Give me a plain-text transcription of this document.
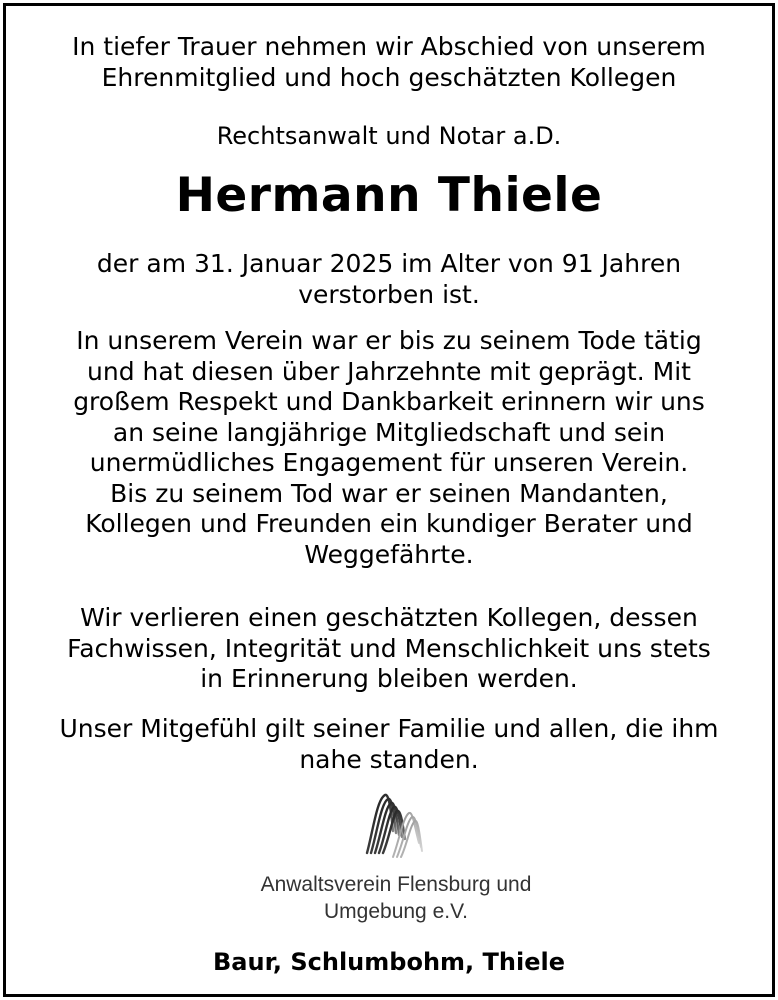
In tiefer Trauer nehmen wir Abschied von unserem
Ehrenmitglied und hoch geschätzten Kollegen
Rechtsanwalt und Notar a.D.
Hermann Thiele
der am 31. Januar 2025 im Alter von 91 Jahren
verstorben ist.
In unserem Verein war er bis zu seinem Tode tätig
und hat diesen über Jahrzehnte mit geprägt. Mit
großem Respekt und Dankbarkeit erinnern wir uns
an seine langjährige Mitgliedschaft und sein
unermüdliches Engagement für unseren Verein.
Bis zu seinem Tod war er seinen Mandanten,
Kollegen und Freunden ein kundiger Berater und
Weggefährte.
Wir verlieren einen geschätzten Kollegen, dessen
Fachwissen, Integrität und Menschlichkeit uns stets
in Erinnerung bleiben werden.
Unser Mitgefühl gilt seiner Familie und allen, die ihm
nahe standen.
Anwaltsverein Flensburg und
Umgebung e.V.
Baur, Schlumbohm, Thiele
